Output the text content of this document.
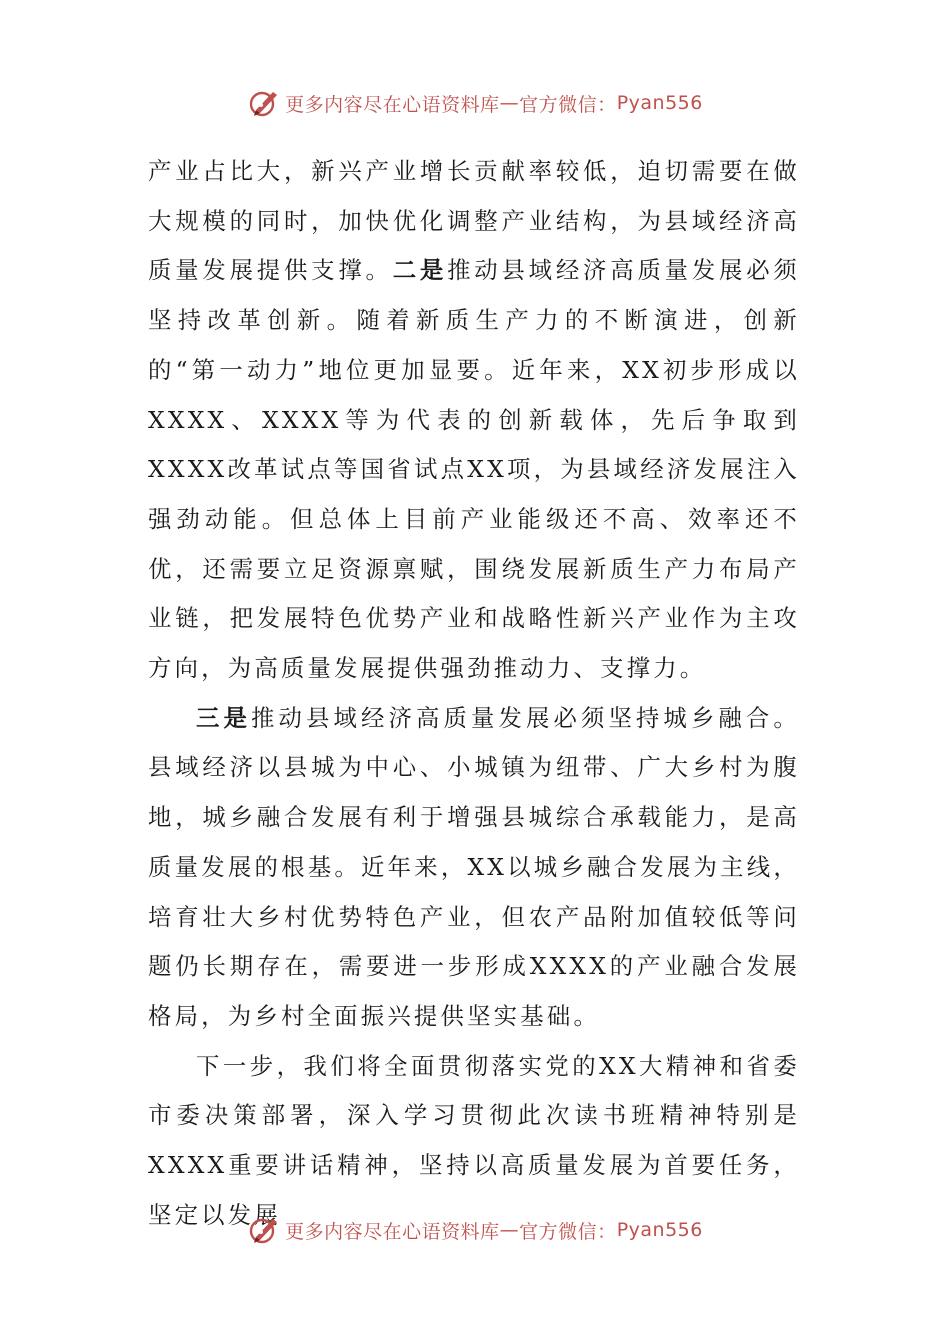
更多内容尽在心语资料库 — 官方微信： Pyan556

产业占比大，新兴产业增长贡献率较低，迫切需要在做大规模的同时，加快优化调整产业结构，为县域经济高质量发展提供支撑。二是推动县域经济高质量发展必须坚持改革创新。随着新质生产力的不断演进，创新的“第一动力”地位更加显要。近年来，XX初步形成以XXXX、XXXX等为代表的创新载体，先后争取到XXXX改革试点等国省试点XX项，为县域经济发展注入强劲动能。但总体上目前产业能级还不高、效率还不优，还需要立足资源禀赋，围绕发展新质生产力布局产业链，把发展特色优势产业和战略性新兴产业作为主攻方向，为高质量发展提供强劲推动力、支撑力。

三是推动县域经济高质量发展必须坚持城乡融合。县域经济以县城为中心、小城镇为纽带、广大乡村为腹地，城乡融合发展有利于增强县城综合承载能力，是高质量发展的根基。近年来，XX以城乡融合发展为主线，培育壮大乡村优势特色产业，但农产品附加值较低等问题仍长期存在，需要进一步形成XXXX的产业融合发展格局，为乡村全面振兴提供坚实基础。

下一步，我们将全面贯彻落实党的XX大精神和省委市委决策部署，深入学习贯彻此次读书班精神特别是XXXX重要讲话精神，坚持以高质量发展为首要任务，坚定以发展

更多内容尽在心语资料库 — 官方微信： Pyan556
